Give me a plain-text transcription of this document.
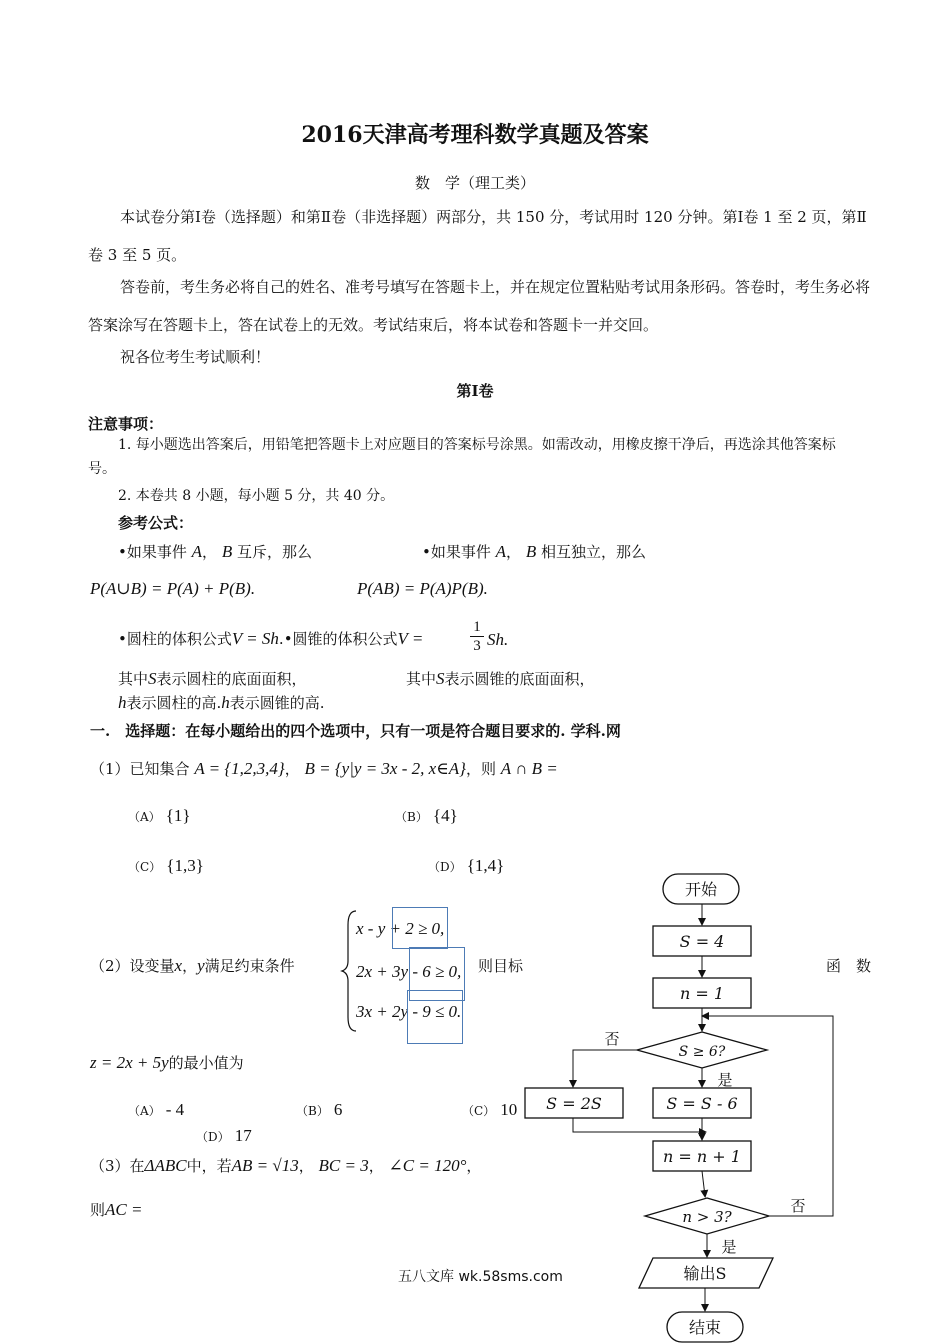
2016天津高考理科数学真题及答案
数　学（理工类）
本试卷分第Ⅰ卷（选择题）和第Ⅱ卷（非选择题）两部分，共 150 分，考试用时 120 分钟。第Ⅰ卷 1 至 2 页，第Ⅱ卷 3 至 5 页。
答卷前，考生务必将自己的姓名、准考号填写在答题卡上，并在规定位置粘贴考试用条形码。答卷时，考生务必将答案涂写在答题卡上，答在试卷上的无效。考试结束后，将本试卷和答题卡一并交回。
祝各位考生考试顺利！
第Ⅰ卷
注意事项：
1. 每小题选出答案后，用铅笔把答题卡上对应题目的答案标号涂黑。如需改动，用橡皮擦干净后，再选涂其他答案标号。
2. 本卷共 8 小题，每小题 5 分，共 40 分。
参考公式：
•如果事件 A， B 互斥，那么	•如果事件 A， B 相互独立，那么
P(A∪B) = P(A) + P(B).	P(AB) = P(A)P(B).
•圆柱的体积公式V = Sh.•圆锥的体积公式V =
1
3 Sh.
其中S表示圆柱的底面面积，	其中S表示圆锥的底面面积，
h表示圆柱的高.h表示圆锥的高.
一.　选择题：在每小题给出的四个选项中，只有一项是符合题目要求的. 学科.网
（1）已知集合 A = {1,2,3,4}， B = {y|y = 3x - 2, x∈A}，则 A ∩ B =
（A） {1}	（B） {4}
（C） {1,3}	（D） {1,4}
（2）设变量x，y满足约束条件
x - y + 2 ≥ 0,
2x + 3y - 6 ≥ 0,
3x + 2y - 9 ≤ 0.
则目标	函　数
z = 2x + 5y的最小值为
（A） - 4	（B） 6	（C） 10
（D） 17
（3）在ΔABC中，若AB = √13， BC = 3， ∠C = 120°，
则AC =
开始
S = 4
n = 1
S ≥ 6?
否
是
S = 2S	S = S - 6
n = n + 1
n > 3?
否
是
输出S
结束
五八文库 wk.58sms.com
